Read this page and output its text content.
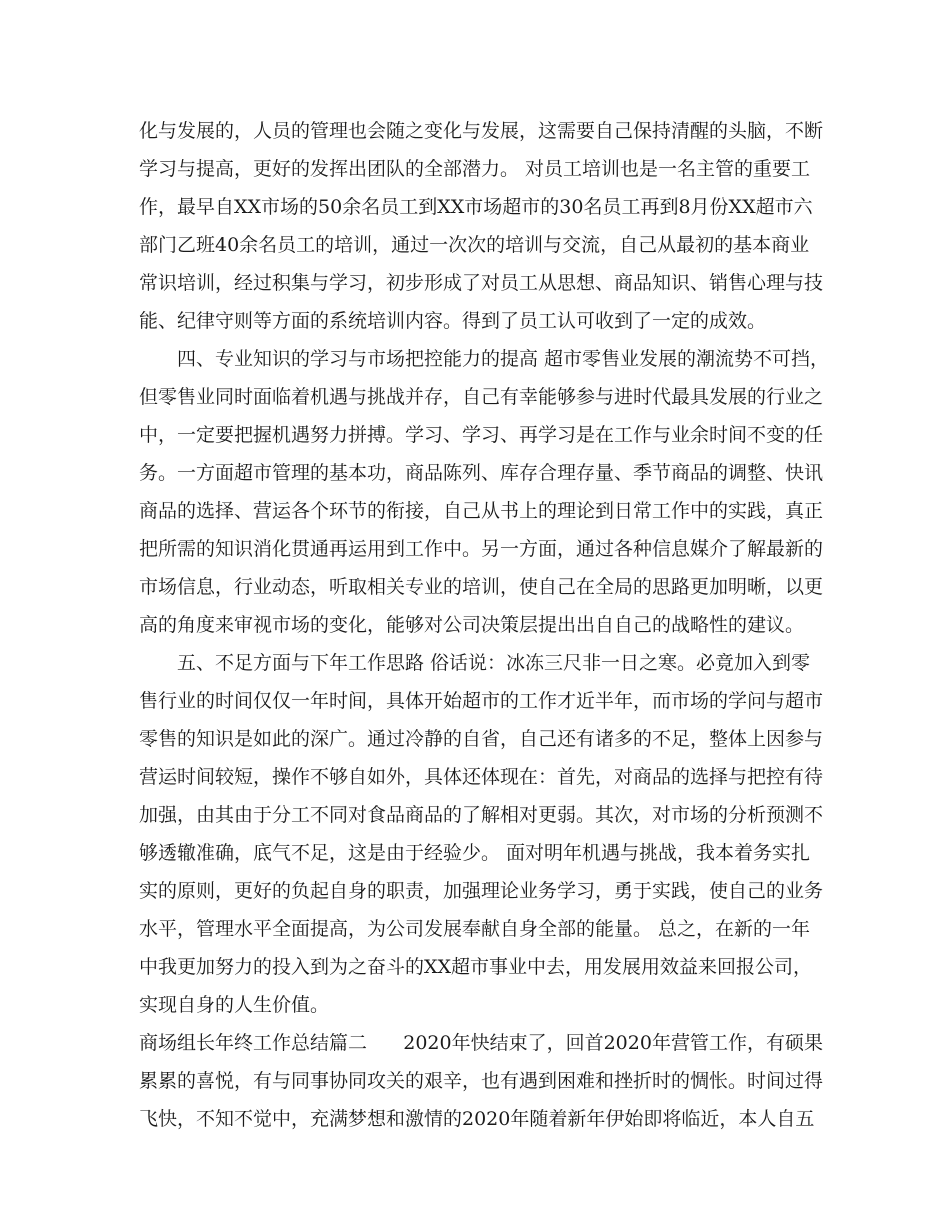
化与发展的，人员的管理也会随之变化与发展，这需要自己保持清醒的头脑，不断

学习与提高，更好的发挥出团队的全部潜力。 对员工培训也是一名主管的重要工

作，最早自XX市场的50余名员工到XX市场超市的30名员工再到8月份XX超市六

部门乙班40余名员工的培训，通过一次次的培训与交流，自己从最初的基本商业

常识培训，经过积集与学习，初步形成了对员工从思想、商品知识、销售心理与技

能、纪律守则等方面的系统培训内容。得到了员工认可收到了一定的成效。

四、专业知识的学习与市场把控能力的提高 超市零售业发展的潮流势不可挡，

但零售业同时面临着机遇与挑战并存，自己有幸能够参与进时代最具发展的行业之

中，一定要把握机遇努力拼搏。学习、学习、再学习是在工作与业余时间不变的任

务。一方面超市管理的基本功，商品陈列、库存合理存量、季节商品的调整、快讯

商品的选择、营运各个环节的衔接，自己从书上的理论到日常工作中的实践，真正

把所需的知识消化贯通再运用到工作中。另一方面，通过各种信息媒介了解最新的

市场信息，行业动态，听取相关专业的培训，使自己在全局的思路更加明晰，以更

高的角度来审视市场的变化，能够对公司决策层提出出自自己的战略性的建议。

五、不足方面与下年工作思路 俗话说：冰冻三尺非一日之寒。必竟加入到零

售行业的时间仅仅一年时间，具体开始超市的工作才近半年，而市场的学问与超市

零售的知识是如此的深广。通过冷静的自省，自己还有诸多的不足，整体上因参与

营运时间较短，操作不够自如外，具体还体现在：首先，对商品的选择与把控有待

加强，由其由于分工不同对食品商品的了解相对更弱。其次，对市场的分析预测不

够透辙准确，底气不足，这是由于经验少。 面对明年机遇与挑战，我本着务实扎

实的原则，更好的负起自身的职责，加强理论业务学习，勇于实践，使自己的业务

水平，管理水平全面提高，为公司发展奉献自身全部的能量。 总之，在新的一年

中我更加努力的投入到为之奋斗的XX超市事业中去，用发展用效益来回报公司，

实现自身的人生价值。

商场组长年终工作总结篇二      2020年快结束了，回首2020年营管工作，有硕果

累累的喜悦，有与同事协同攻关的艰辛，也有遇到困难和挫折时的惆怅。时间过得

飞快，不知不觉中，充满梦想和激情的2020年随着新年伊始即将临近，本人自五
